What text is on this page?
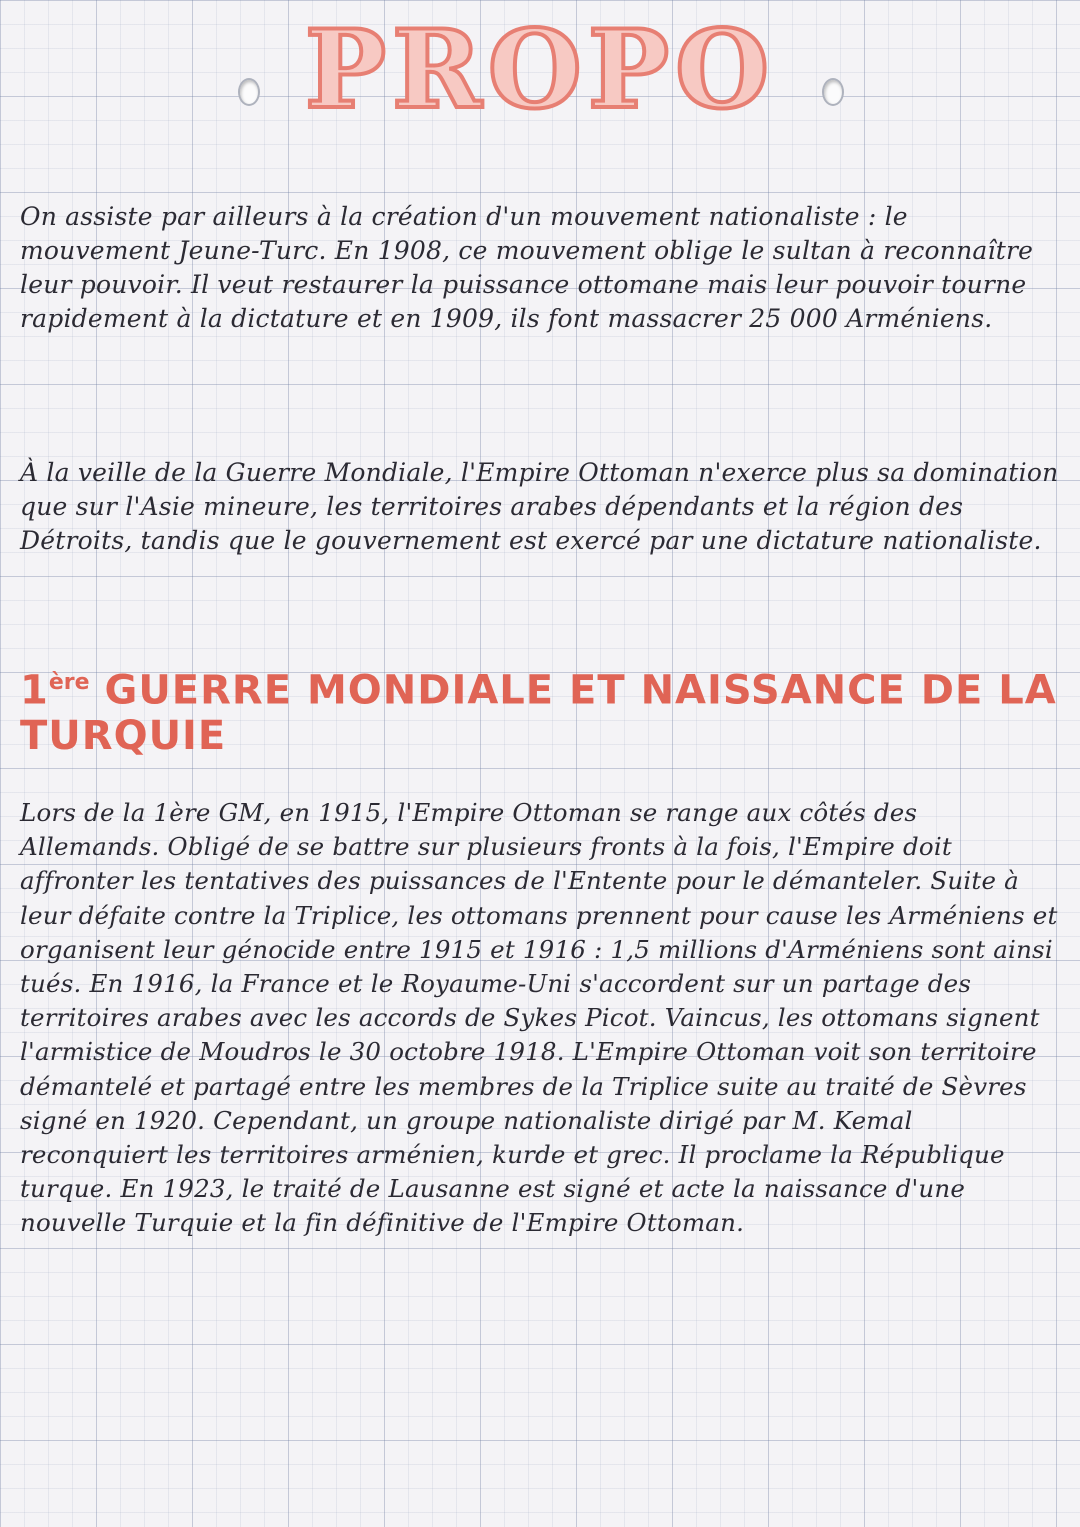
PROPO

On assiste par ailleurs à la création d'un mouvement nationaliste : le mouvement Jeune-Turc. En 1908, ce mouvement oblige le sultan à reconnaître leur pouvoir. Il veut restaurer la puissance ottomane mais leur pouvoir tourne rapidement à la dictature et en 1909, ils font massacrer 25 000 Arméniens.

À la veille de la Guerre Mondiale, l'Empire Ottoman n'exerce plus sa domination que sur l'Asie mineure, les territoires arabes dépendants et la région des Détroits, tandis que le gouvernement est exercé par une dictature nationaliste.

1ère GUERRE MONDIALE ET NAISSANCE DE LA TURQUIE

Lors de la 1ère GM, en 1915, l'Empire Ottoman se range aux côtés des Allemands. Obligé de se battre sur plusieurs fronts à la fois, l'Empire doit affronter les tentatives des puissances de l'Entente pour le démanteler. Suite à leur défaite contre la Triplice, les ottomans prennent pour cause les Arméniens et organisent leur génocide entre 1915 et 1916 : 1,5 millions d'Arméniens sont ainsi tués. En 1916, la France et le Royaume-Uni s'accordent sur un partage des territoires arabes avec les accords de Sykes Picot. Vaincus, les ottomans signent l'armistice de Moudros le 30 octobre 1918. L'Empire Ottoman voit son territoire démantelé et partagé entre les membres de la Triplice suite au traité de Sèvres signé en 1920. Cependant, un groupe nationaliste dirigé par M. Kemal reconquiert les territoires arménien, kurde et grec. Il proclame la République turque. En 1923, le traité de Lausanne est signé et acte la naissance d'une nouvelle Turquie et la fin définitive de l'Empire Ottoman.
